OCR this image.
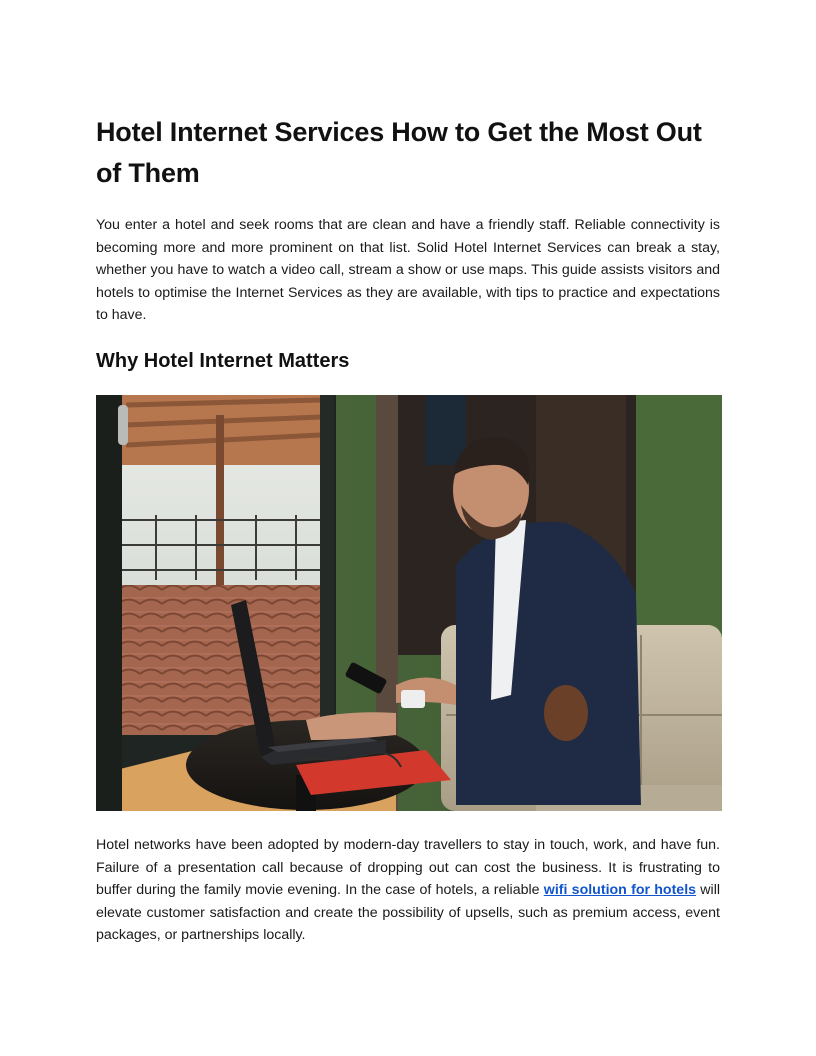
Hotel Internet Services How to Get the Most Out of Them

You enter a hotel and seek rooms that are clean and have a friendly staff. Reliable connectivity is becoming more and more prominent on that list. Solid Hotel Internet Services can break a stay, whether you have to watch a video call, stream a show or use maps. This guide assists visitors and hotels to optimise the Internet Services as they are available, with tips to practice and expectations to have.

Why Hotel Internet Matters

Hotel networks have been adopted by modern-day travellers to stay in touch, work, and have fun. Failure of a presentation call because of dropping out can cost the business. It is frustrating to buffer during the family movie evening. In the case of hotels, a reliable wifi solution for hotels will elevate customer satisfaction and create the possibility of upsells, such as premium access, event packages, or partnerships locally.
